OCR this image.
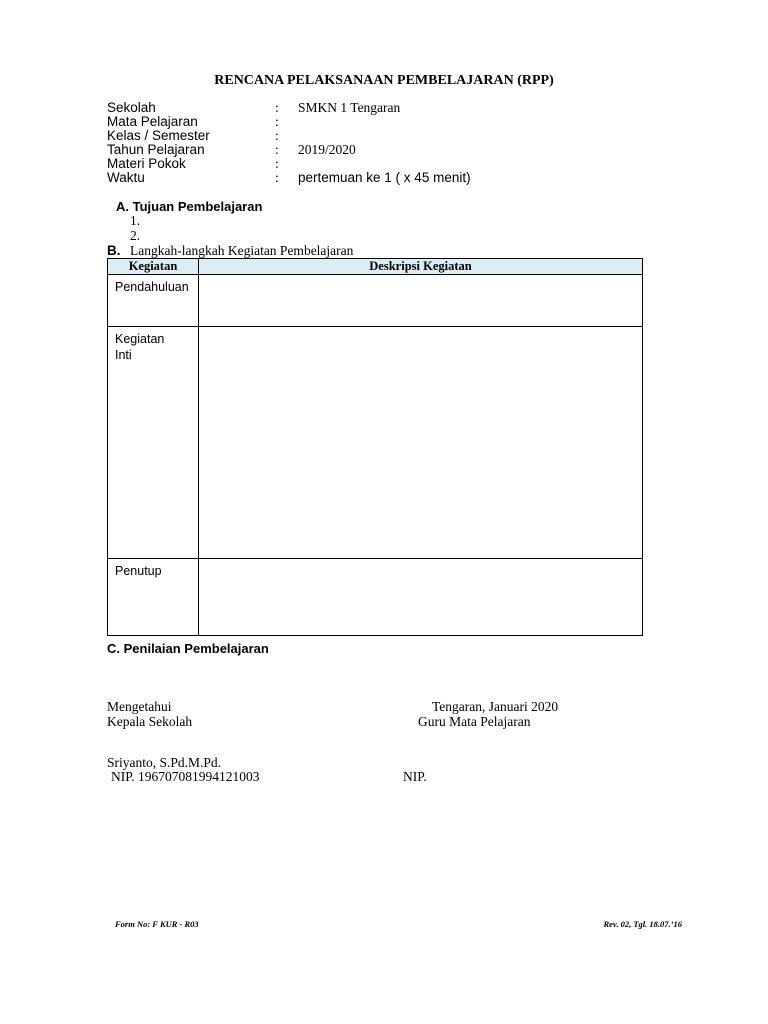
RENCANA PELAKSANAAN PEMBELAJARAN (RPP)
Sekolah	: SMKN 1 Tengaran
Mata Pelajaran	:
Kelas / Semester	:
Tahun Pelajaran	: 2019/2020
Materi Pokok	:
Waktu	: pertemuan ke 1 ( x 45 menit)
A. Tujuan Pembelajaran
1.
2.
B. Langkah-langkah Kegiatan Pembelajaran
Kegiatan	Deskripsi Kegiatan
Pendahuluan	
Kegiatan Inti	
Penutup	
C. Penilaian Pembelajaran
Mengetahui
Kepala Sekolah
Sriyanto, S.Pd.M.Pd.
NIP. 196707081994121003
Tengaran, Januari 2020
Guru Mata Pelajaran
NIP.
Form No: F KUR - R03	Rev. 02, Tgl. 18.07.’16
